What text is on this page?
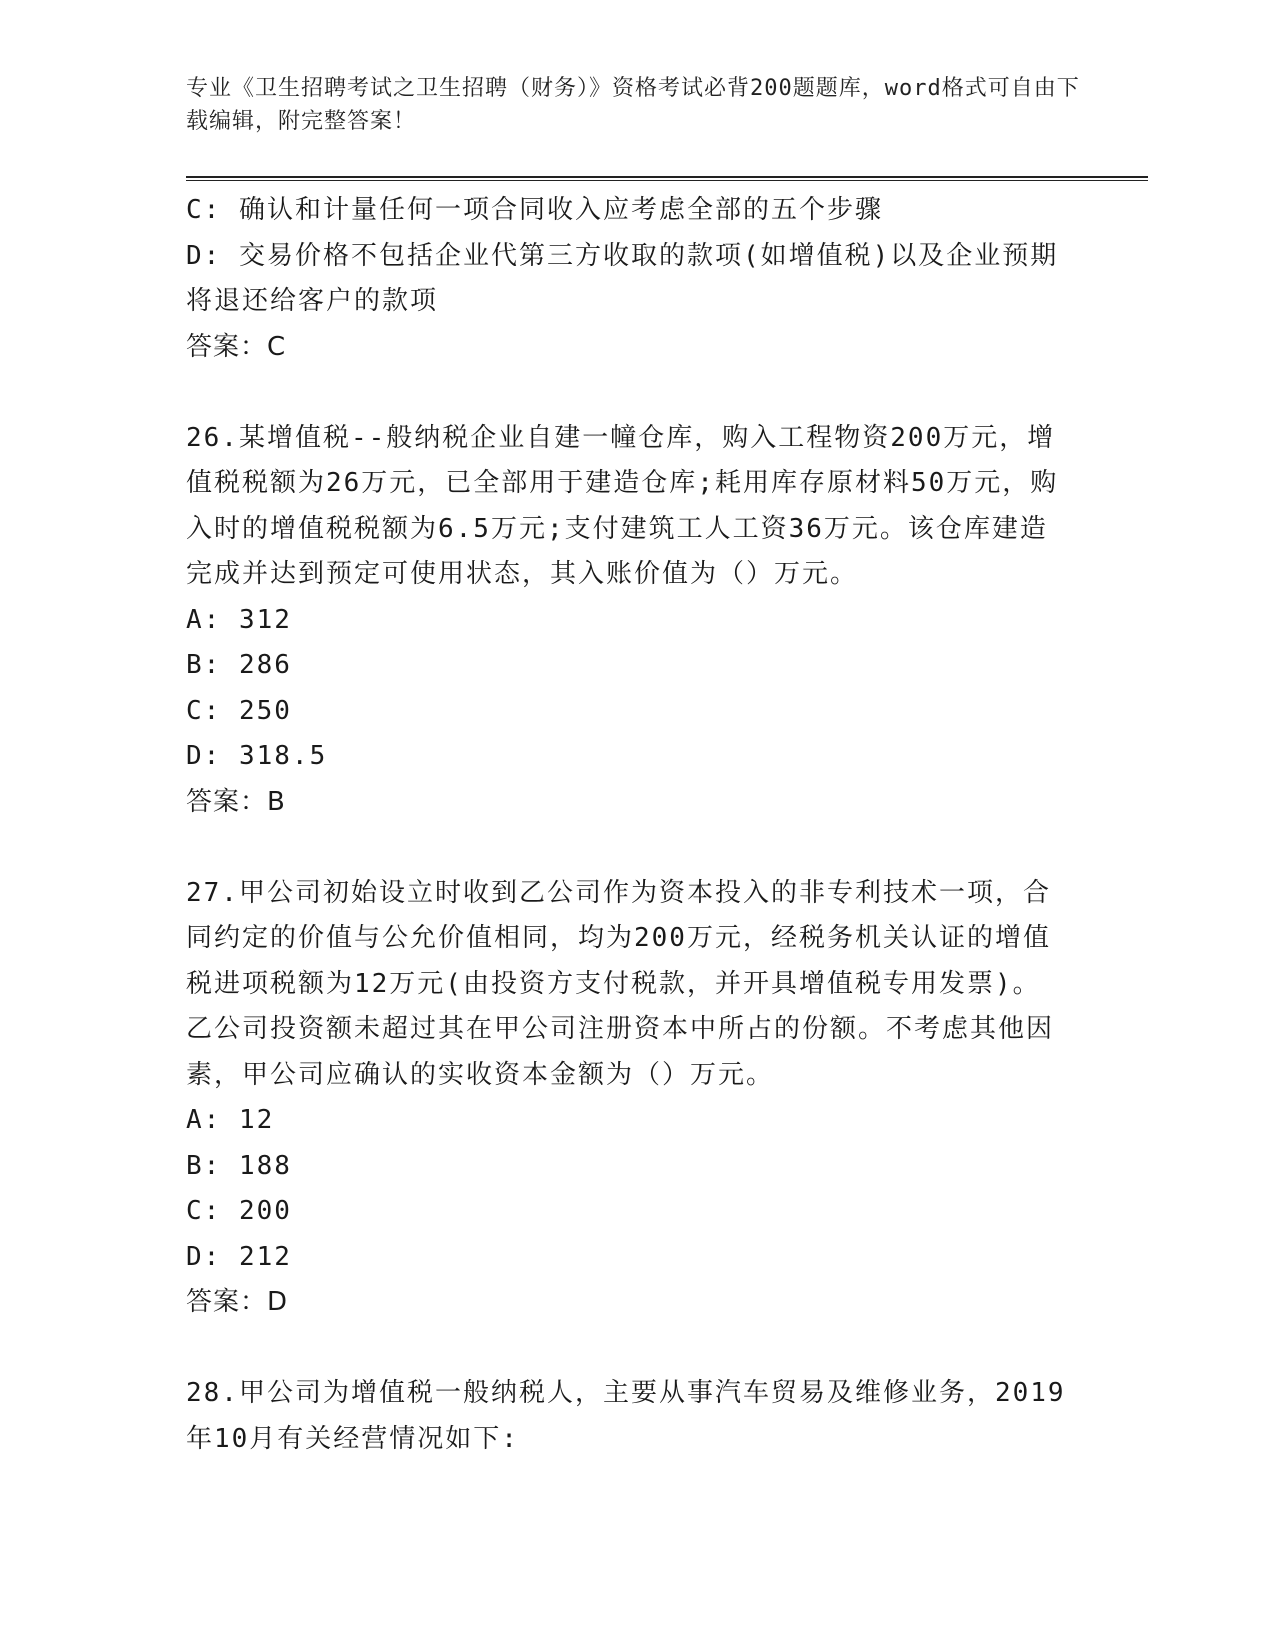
专业《卫生招聘考试之卫生招聘（财务）》资格考试必背200题题库，word格式可自由下载编辑，附完整答案！
C: 确认和计量任何一项合同收入应考虑全部的五个步骤
D: 交易价格不包括企业代第三方收取的款项(如增值税)以及企业预期将退还给客户的款项
答案：C
26.某增值税--般纳税企业自建一幢仓库，购入工程物资200万元，增值税税额为26万元，已全部用于建造仓库;耗用库存原材料50万元，购入时的增值税税额为6.5万元;支付建筑工人工资36万元。该仓库建造完成并达到预定可使用状态，其入账价值为（）万元。
A: 312
B: 286
C: 250
D: 318.5
答案：B
27.甲公司初始设立时收到乙公司作为资本投入的非专利技术一项，合同约定的价值与公允价值相同，均为200万元，经税务机关认证的增值税进项税额为12万元(由投资方支付税款，并开具增值税专用发票)。乙公司投资额未超过其在甲公司注册资本中所占的份额。不考虑其他因素，甲公司应确认的实收资本金额为（）万元。
A: 12
B: 188
C: 200
D: 212
答案：D
28.甲公司为增值税一般纳税人，主要从事汽车贸易及维修业务，2019年10月有关经营情况如下:
